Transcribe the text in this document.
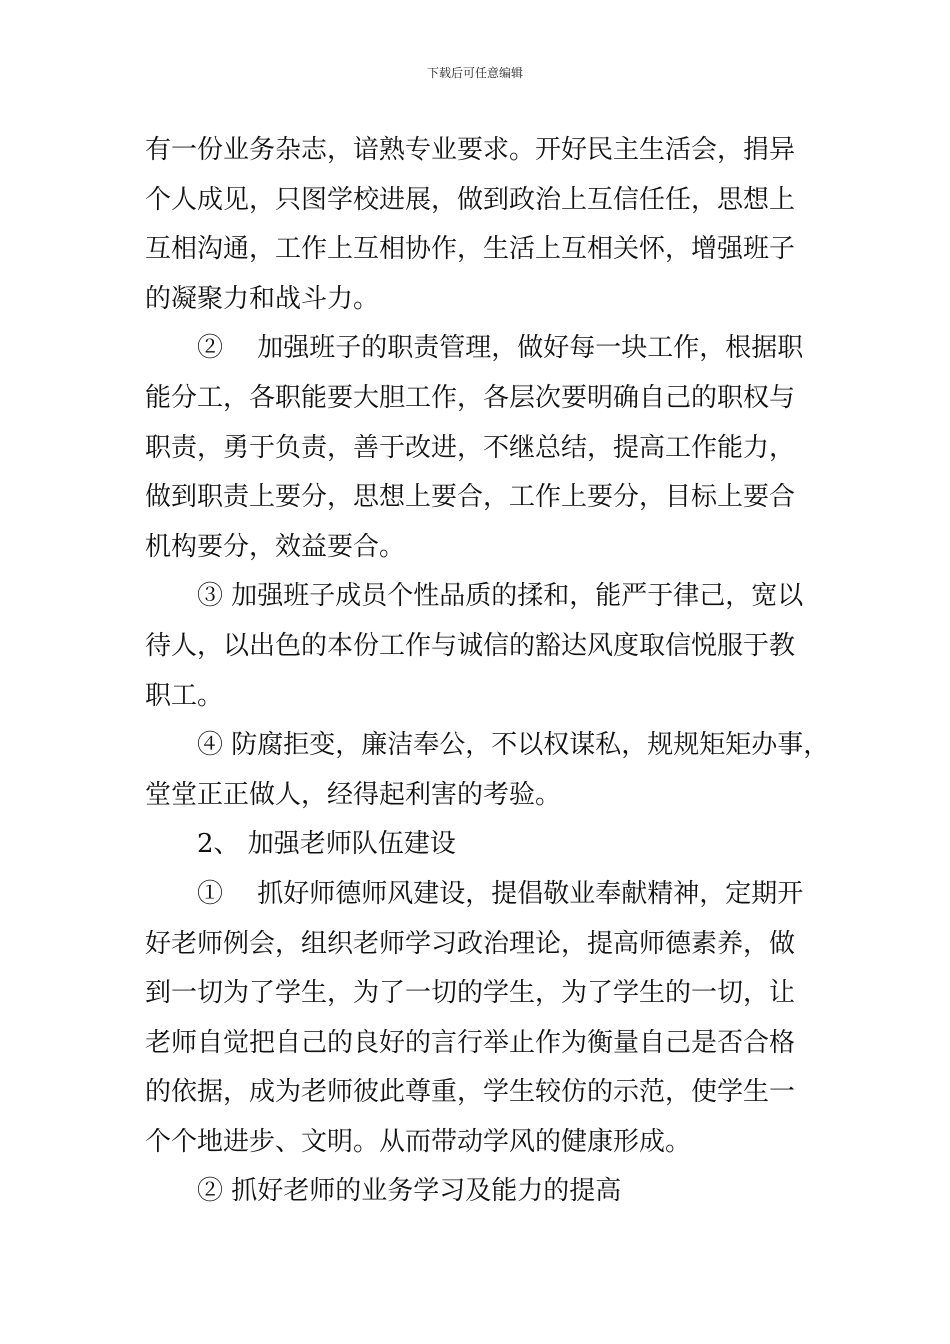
下载后可任意编辑
有一份业务杂志，谙熟专业要求。开好民主生活会，捐异
个人成见，只图学校进展，做到政治上互信任任，思想上
互相沟通，工作上互相协作，生活上互相关怀，增强班子
的凝聚力和战斗力。
②　 加强班子的职责管理，做好每一块工作，根据职
能分工，各职能要大胆工作，各层次要明确自己的职权与
职责，勇于负责，善于改进，不继总结，提高工作能力，
做到职责上要分，思想上要合，工作上要分，目标上要合
机构要分，效益要合。
③ 加强班子成员个性品质的揉和，能严于律己，宽以
待人，以出色的本份工作与诚信的豁达风度取信悦服于教
职工。
④ 防腐拒变，廉洁奉公，不以权谋私，规规矩矩办事，
堂堂正正做人，经得起利害的考验。
2、 加强老师队伍建设
①　 抓好师德师风建设，提倡敬业奉献精神，定期开
好老师例会，组织老师学习政治理论，提高师德素养，做
到一切为了学生，为了一切的学生，为了学生的一切，让
老师自觉把自己的良好的言行举止作为衡量自己是否合格
的依据，成为老师彼此尊重，学生较仿的示范，使学生一
个个地进步、文明。从而带动学风的健康形成。
② 抓好老师的业务学习及能力的提高
